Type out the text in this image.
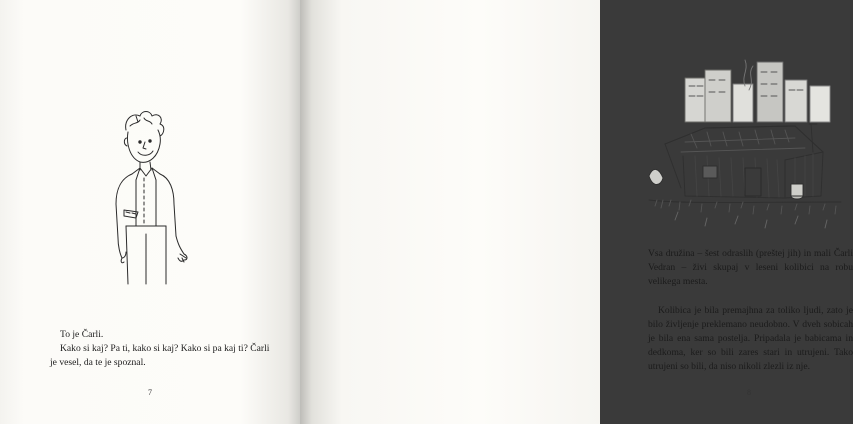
To je Čarli.

Kako si kaj? Pa ti, kako si kaj? Kako si pa kaj ti? Čarli je vesel, da te je spoznal.

7

Vsa družina – šest odraslih (preštej jih) in mali Čarli Vedran – živi skupaj v leseni kolibici na robu velikega mesta.

Kolibica je bila premajhna za toliko ljudi, zato je bilo življenje preklemano neudobno. V dveh sobicah je bila ena sama postelja. Pripadala je babicama in dedkoma, ker so bili zares stari in utrujeni. Tako utrujeni so bili, da niso nikoli zlezli iz nje.

8
